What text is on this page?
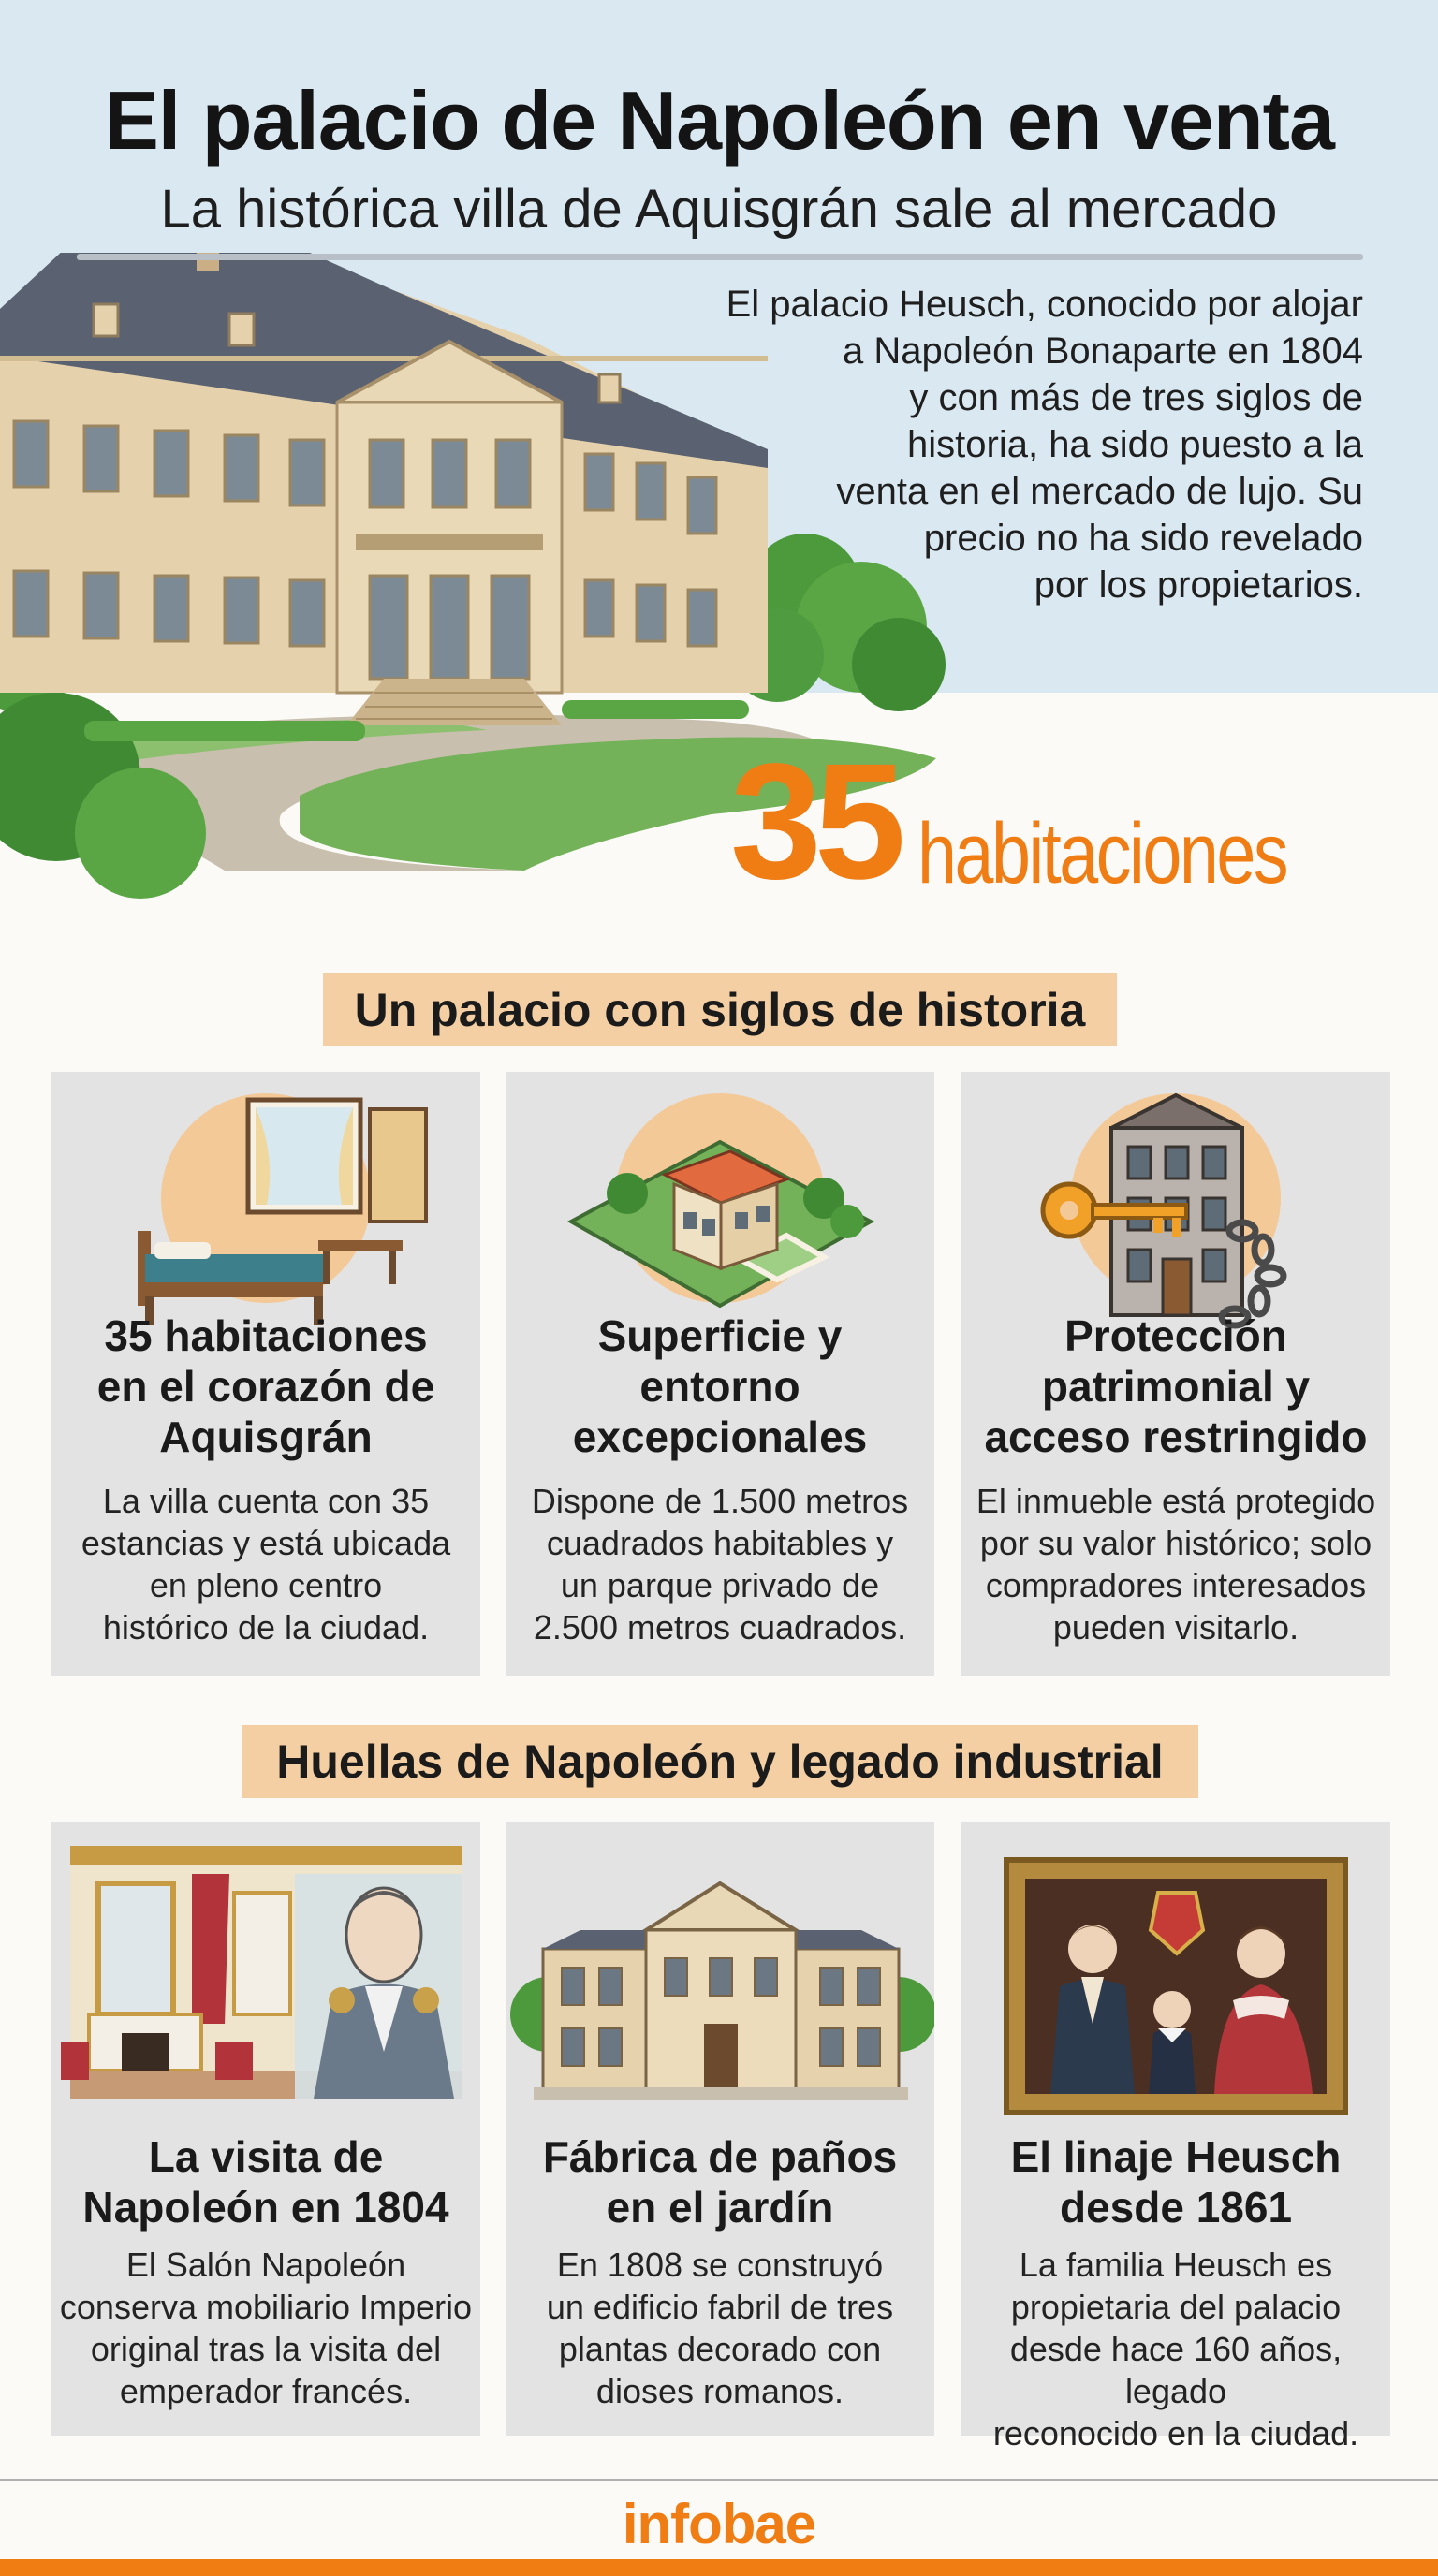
El palacio de Napoleón en venta
La histórica villa de Aquisgrán sale al mercado
El palacio Heusch, conocido por alojar
a Napoleón Bonaparte en 1804
y con más de tres siglos de
historia, ha sido puesto a la
venta en el mercado de lujo. Su
precio no ha sido revelado
por los propietarios.
35 habitaciones
Un palacio con siglos de historia
35 habitaciones
en el corazón de
Aquisgrán
La villa cuenta con 35
estancias y está ubicada
en pleno centro
histórico de la ciudad.
Superficie y
entorno
excepcionales
Dispone de 1.500 metros
cuadrados habitables y
un parque privado de
2.500 metros cuadrados.
Protección
patrimonial y
acceso restringido
El inmueble está protegido
por su valor histórico; solo
compradores interesados
pueden visitarlo.
Huellas de Napoleón y legado industrial
La visita de
Napoleón en 1804
El Salón Napoleón
conserva mobiliario Imperio
original tras la visita del
emperador francés.
Fábrica de paños
en el jardín
En 1808 se construyó
un edificio fabril de tres
plantas decorado con
dioses romanos.
El linaje Heusch
desde 1861
La familia Heusch es
propietaria del palacio
desde hace 160 años, legado
reconocido en la ciudad.
infobae
